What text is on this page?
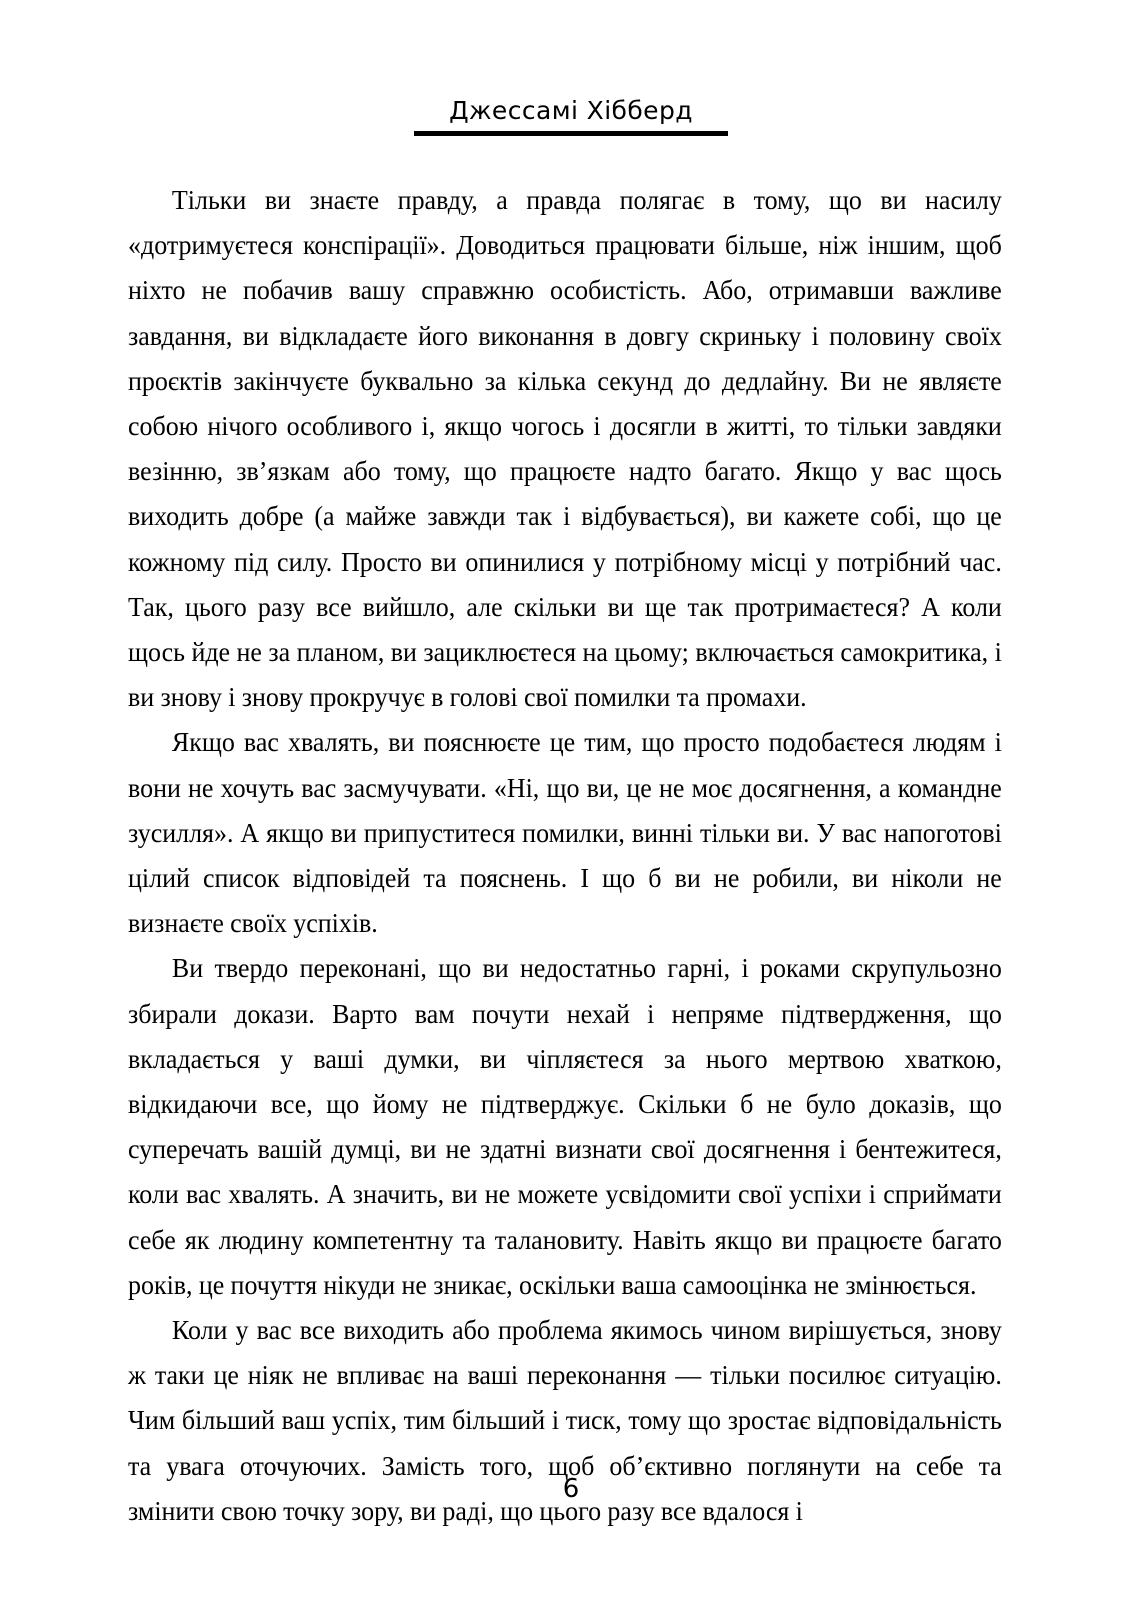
Джессамі Хібберд

Тільки ви знаєте правду, а правда полягає в тому, що ви насилу «дотримуєтеся конспірації». Доводиться працювати більше, ніж іншим, щоб ніхто не побачив вашу справжню особистість. Або, отримавши важливе завдання, ви відкладаєте його виконання в довгу скриньку і половину своїх проєктів закінчуєте буквально за кілька секунд до дедлайну. Ви не являєте собою нічого особливого і, якщо чогось і досягли в житті, то тільки завдяки везінню, зв’язкам або тому, що працюєте надто багато. Якщо у вас щось виходить добре (а майже завжди так і відбувається), ви кажете собі, що це кожному під силу. Просто ви опинилися у потрібному місці у потрібний час. Так, цього разу все вийшло, але скільки ви ще так протримаєтеся? А коли щось йде не за планом, ви зациклюєтеся на цьому; включається самокритика, і ви знову і знову прокручує в голові свої помилки та промахи.

Якщо вас хвалять, ви пояснюєте це тим, що просто подобаєтеся людям і вони не хочуть вас засмучувати. «Ні, що ви, це не моє досягнення, а командне зусилля». А якщо ви припуститеся помилки, винні тільки ви. У вас напоготові цілий список відповідей та пояснень. І що б ви не робили, ви ніколи не визнаєте своїх успіхів.

Ви твердо переконані, що ви недостатньо гарні, і роками скрупульозно збирали докази. Варто вам почути нехай і непряме підтвердження, що вкладається у ваші думки, ви чіпляєтеся за нього мертвою хваткою, відкидаючи все, що йому не підтверджує. Скільки б не було доказів, що суперечать вашій думці, ви не здатні визнати свої досягнення і бентежитеся, коли вас хвалять. А значить, ви не можете усвідомити свої успіхи і сприймати себе як людину компетентну та талановиту. Навіть якщо ви працюєте багато років, це почуття нікуди не зникає, оскільки ваша самооцінка не змінюється.

Коли у вас все виходить або проблема якимось чином вирішується, знову ж таки це ніяк не впливає на ваші переконання — тільки посилює ситуацію. Чим більший ваш успіх, тим більший і тиск, тому що зростає відповідальність та увага оточуючих. Замість того, щоб об’єктивно поглянути на себе та змінити свою точку зору, ви раді, що цього разу все вдалося і

6
